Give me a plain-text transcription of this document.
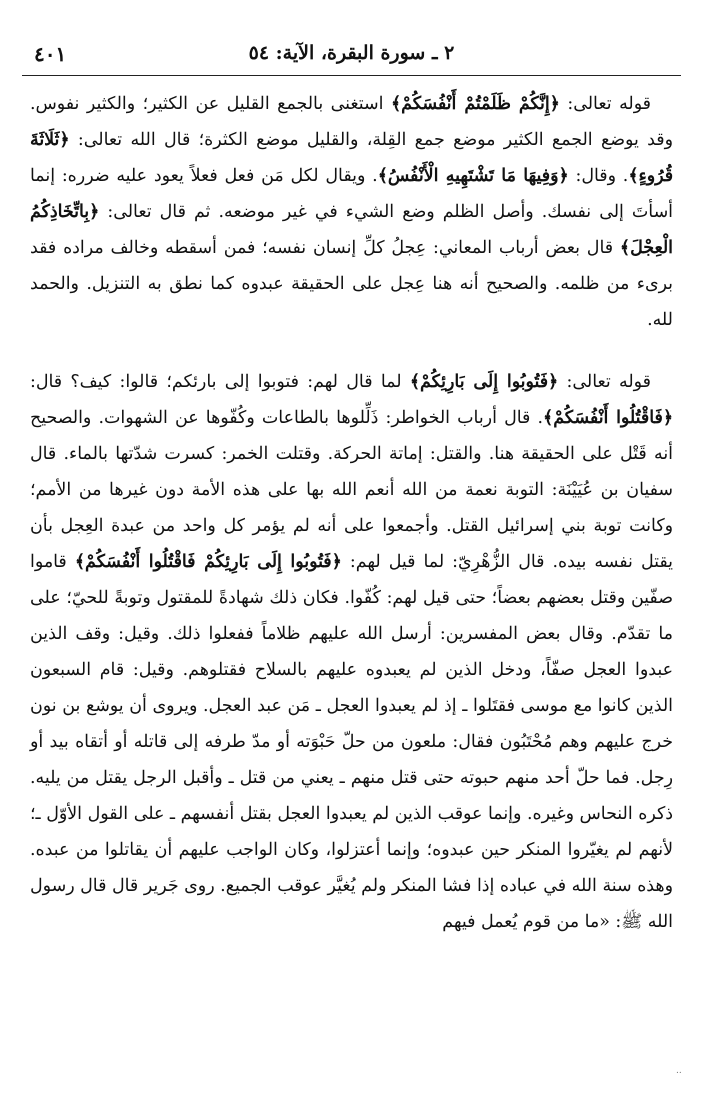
٢ ـ سورة البقرة، الآية: ٥٤
٤٠١

قوله تعالى: ﴿إِنَّكُمْ ظَلَمْتُمْ أَنْفُسَكُمْ﴾ استغنى بالجمع القليل عن الكثير؛ والكثير نفوس. وقد يوضع الجمع الكثير موضع جمع القِلة، والقليل موضع الكثرة؛ قال الله تعالى: ﴿ثَلَاثَةَ قُرُوءٍ﴾. وقال: ﴿وَفِيهَا مَا تَشْتَهِيهِ الْأَنْفُسُ﴾. ويقال لكل مَن فعل فعلاً يعود عليه ضرره: إنما أسأتَ إلى نفسك. وأصل الظلم وضع الشيء في غير موضعه. ثم قال تعالى: ﴿بِاتِّخَاذِكُمُ الْعِجْلَ﴾ قال بعض أرباب المعاني: عِجلُ كلِّ إنسان نفسه؛ فمن أسقطه وخالف مراده فقد برىء من ظلمه. والصحيح أنه هنا عِجل على الحقيقة عبدوه كما نطق به التنزيل. والحمد لله.

قوله تعالى: ﴿فَتُوبُوا إِلَى بَارِئِكُمْ﴾ لما قال لهم: فتوبوا إلى بارئكم؛ قالوا: كيف؟ قال: ﴿فَاقْتُلُوا أَنْفُسَكُمْ﴾. قال أرباب الخواطر: ذَلِّلوها بالطاعات وكُفّوها عن الشهوات. والصحيح أنه قَتْل على الحقيقة هنا. والقتل: إماتة الحركة. وقتلت الخمر: كسرت شدّتها بالماء. قال سفيان بن عُيَيْنَة: التوبة نعمة من الله أنعم الله بها على هذه الأمة دون غيرها من الأمم؛ وكانت توبة بني إسرائيل القتل. وأجمعوا على أنه لم يؤمر كل واحد من عبدة العِجل بأن يقتل نفسه بيده. قال الزُّهْرِيّ: لما قيل لهم: ﴿فَتُوبُوا إِلَى بَارِئِكُمْ فَاقْتُلُوا أَنْفُسَكُمْ﴾ قاموا صفّين وقتل بعضهم بعضاً؛ حتى قيل لهم: كُفّوا. فكان ذلك شهادةً للمقتول وتوبةً للحيّ؛ على ما تقدّم. وقال بعض المفسرين: أرسل الله عليهم ظلاماً ففعلوا ذلك. وقيل: وقف الذين عبدوا العجل صفّاً، ودخل الذين لم يعبدوه عليهم بالسلاح فقتلوهم. وقيل: قام السبعون الذين كانوا مع موسى فقتَلوا ـ إذ لم يعبدوا العجل ـ مَن عبد العجل. ويروى أن يوشع بن نون خرج عليهم وهم مُحْتَبُون فقال: ملعون من حلّ حَبْوَته أو مدّ طرفه إلى قاتله أو أتقاه بيد أو رِجل. فما حلّ أحد منهم حبوته حتى قتل منهم ـ يعني من قتل ـ وأقبل الرجل يقتل من يليه. ذكره النحاس وغيره. وإنما عوقب الذين لم يعبدوا العجل بقتل أنفسهم ـ على القول الأوّل ـ؛ لأنهم لم يغيّروا المنكر حين عبدوه؛ وإنما أعتزلوا، وكان الواجب عليهم أن يقاتلوا من عبده. وهذه سنة الله في عباده إذا فشا المنكر ولم يُغيَّر عوقب الجميع. روى جَرير قال قال رسول الله ﷺ: «ما من قوم يُعمل فيهم

..
